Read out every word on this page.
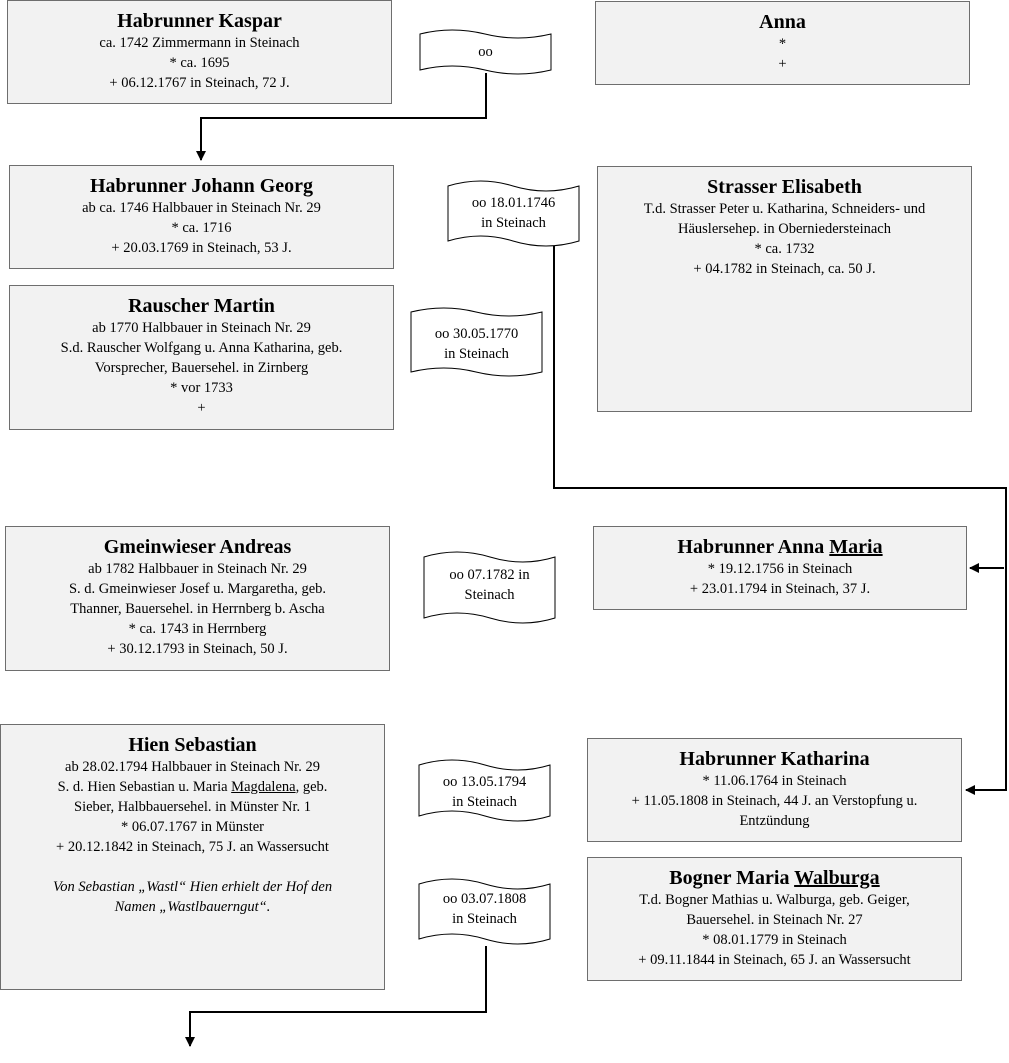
oo
oo 18.01.1746
in Steinach
oo 30.05.1770
in Steinach
oo 07.1782 in
Steinach
oo 13.05.1794
in Steinach
oo 03.07.1808
in Steinach
Habrunner Kaspar
ca. 1742 Zimmermann in Steinach
* ca. 1695
+ 06.12.1767 in Steinach, 72 J.
Anna
*
+
Habrunner Johann Georg
ab ca. 1746 Halbbauer in Steinach Nr. 29
* ca. 1716
+ 20.03.1769 in Steinach, 53 J.
Strasser Elisabeth
T.d. Strasser Peter u. Katharina, Schneiders- und
Häuslersehep. in Oberniedersteinach
* ca. 1732
+ 04.1782 in Steinach, ca. 50 J.
Rauscher Martin
ab 1770 Halbbauer in Steinach Nr. 29
S.d. Rauscher Wolfgang u. Anna Katharina, geb.
Vorsprecher, Bauersehel. in Zirnberg
* vor 1733
+
Gmeinwieser Andreas
ab 1782 Halbbauer in Steinach Nr. 29
S. d. Gmeinwieser Josef u. Margaretha, geb.
Thanner, Bauersehel. in Herrnberg b. Ascha
* ca. 1743 in Herrnberg
+ 30.12.1793 in Steinach, 50 J.
Habrunner Anna Maria
* 19.12.1756 in Steinach
+ 23.01.1794 in Steinach, 37 J.
Hien Sebastian
ab 28.02.1794 Halbbauer in Steinach Nr. 29
S. d. Hien Sebastian u. Maria Magdalena, geb.
Sieber, Halbbauersehel. in Münster Nr. 1
* 06.07.1767 in Münster
+ 20.12.1842 in Steinach, 75 J. an Wassersucht
Von Sebastian „Wastl“ Hien erhielt der Hof den
Namen „Wastlbauerngut“.
Habrunner Katharina
* 11.06.1764 in Steinach
+ 11.05.1808 in Steinach, 44 J. an Verstopfung u.
Entzündung
Bogner Maria Walburga
T.d. Bogner Mathias u. Walburga, geb. Geiger,
Bauersehel. in Steinach Nr. 27
* 08.01.1779 in Steinach
+ 09.11.1844 in Steinach, 65 J. an Wassersucht
